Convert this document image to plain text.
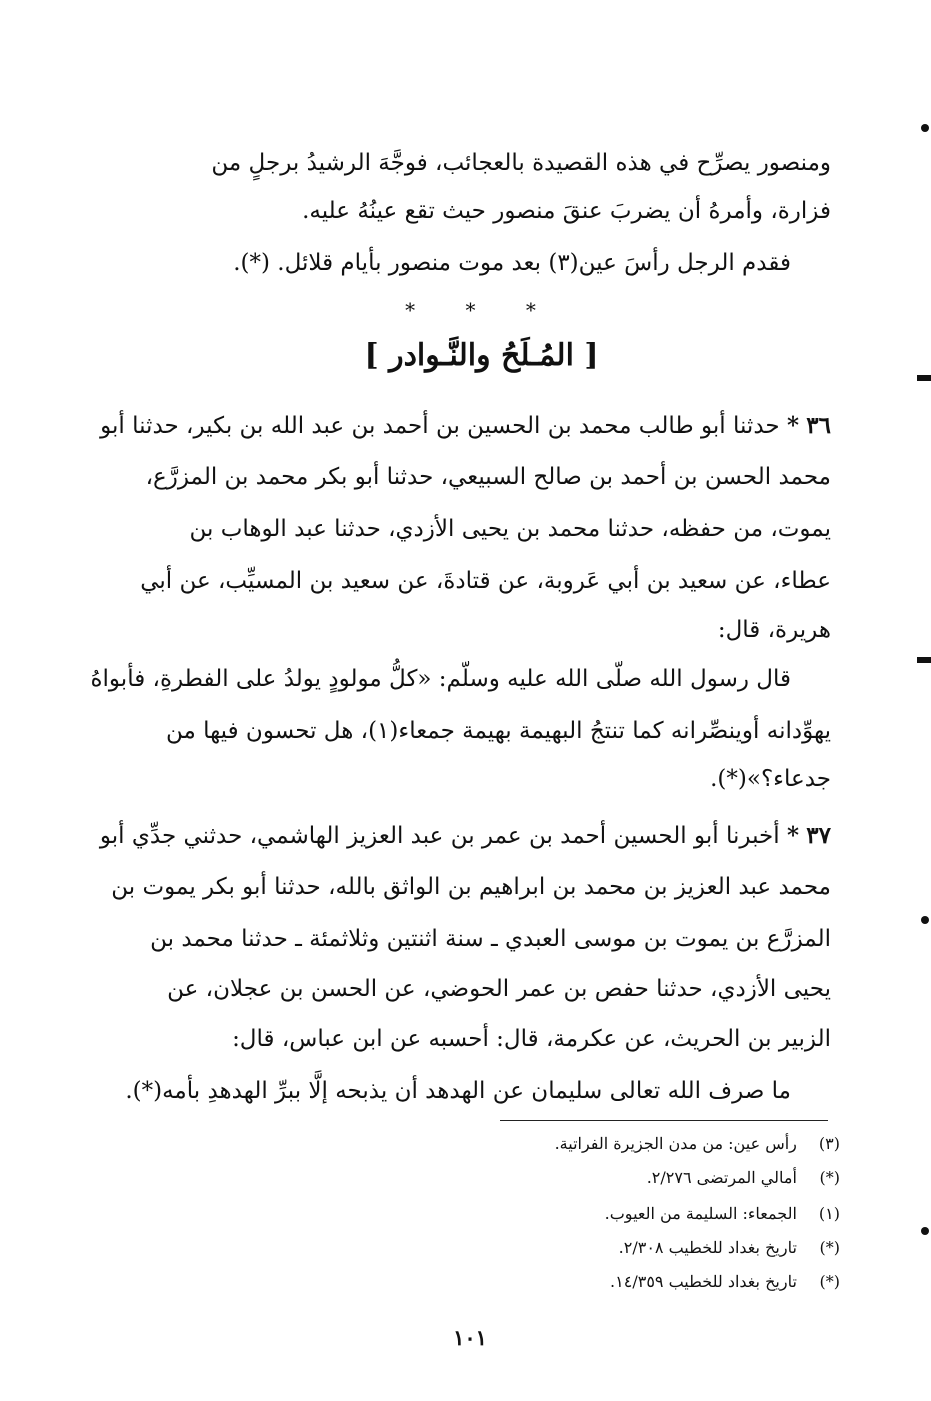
ومنصور يصرِّح في هذه القصيدة بالعجائب، فوجَّهَ الرشيدُ برجلٍ من
فزارة، وأمرهُ أن يضربَ عنقَ منصور حيث تقع عينُهُ عليه.
فقدم الرجل رأسَ عين(٣) بعد موت منصور بأيام قلائل. (*).
* * *
[ المُـلَحُ والنَّـوادر ]
٣٦ * حدثنا أبو طالب محمد بن الحسين بن أحمد بن عبد الله بن بكير، حدثنا أبو
محمد الحسن بن أحمد بن صالح السبيعي، حدثنا أبو بكر محمد بن المزرَّع،
يموت، من حفظه، حدثنا محمد بن يحيى الأزدي، حدثنا عبد الوهاب بن
عطاء، عن سعيد بن أبي عَروبة، عن قتادةَ، عن سعيد بن المسيِّب، عن أبي
هريرة، قال:
قال رسول الله صلّى الله عليه وسلّم: «كلُّ مولودٍ يولدُ على الفطرةِ، فأبواهُ
يهوِّدانه أوينصِّرانه كما تنتجُ البهيمة بهيمة جمعاء(١)، هل تحسون فيها من
جدعاء؟»(*).
٣٧ * أخبرنا أبو الحسين أحمد بن عمر بن عبد العزيز الهاشمي، حدثني جدِّي أبو
محمد عبد العزيز بن محمد بن ابراهيم بن الواثق بالله، حدثنا أبو بكر يموت بن
المزرَّع بن يموت بن موسى العبدي ـ سنة اثنتين وثلاثمئة ـ حدثنا محمد بن
يحيى الأزدي، حدثنا حفص بن عمر الحوضي، عن الحسن بن عجلان، عن
الزبير بن الحريث، عن عكرمة، قال: أحسبه عن ابن عباس، قال:
ما صرف الله تعالى سليمان عن الهدهد أن يذبحه إلَّا ببرِّ الهدهدِ بأمه(*).
(٣) رأس عين: من مدن الجزيرة الفراتية.
(*) أمالي المرتضى ٢/٢٧٦.
(١) الجمعاء: السليمة من العيوب.
(*) تاريخ بغداد للخطيب ٢/٣٠٨.
(*) تاريخ بغداد للخطيب ١٤/٣٥٩.
١٠١
